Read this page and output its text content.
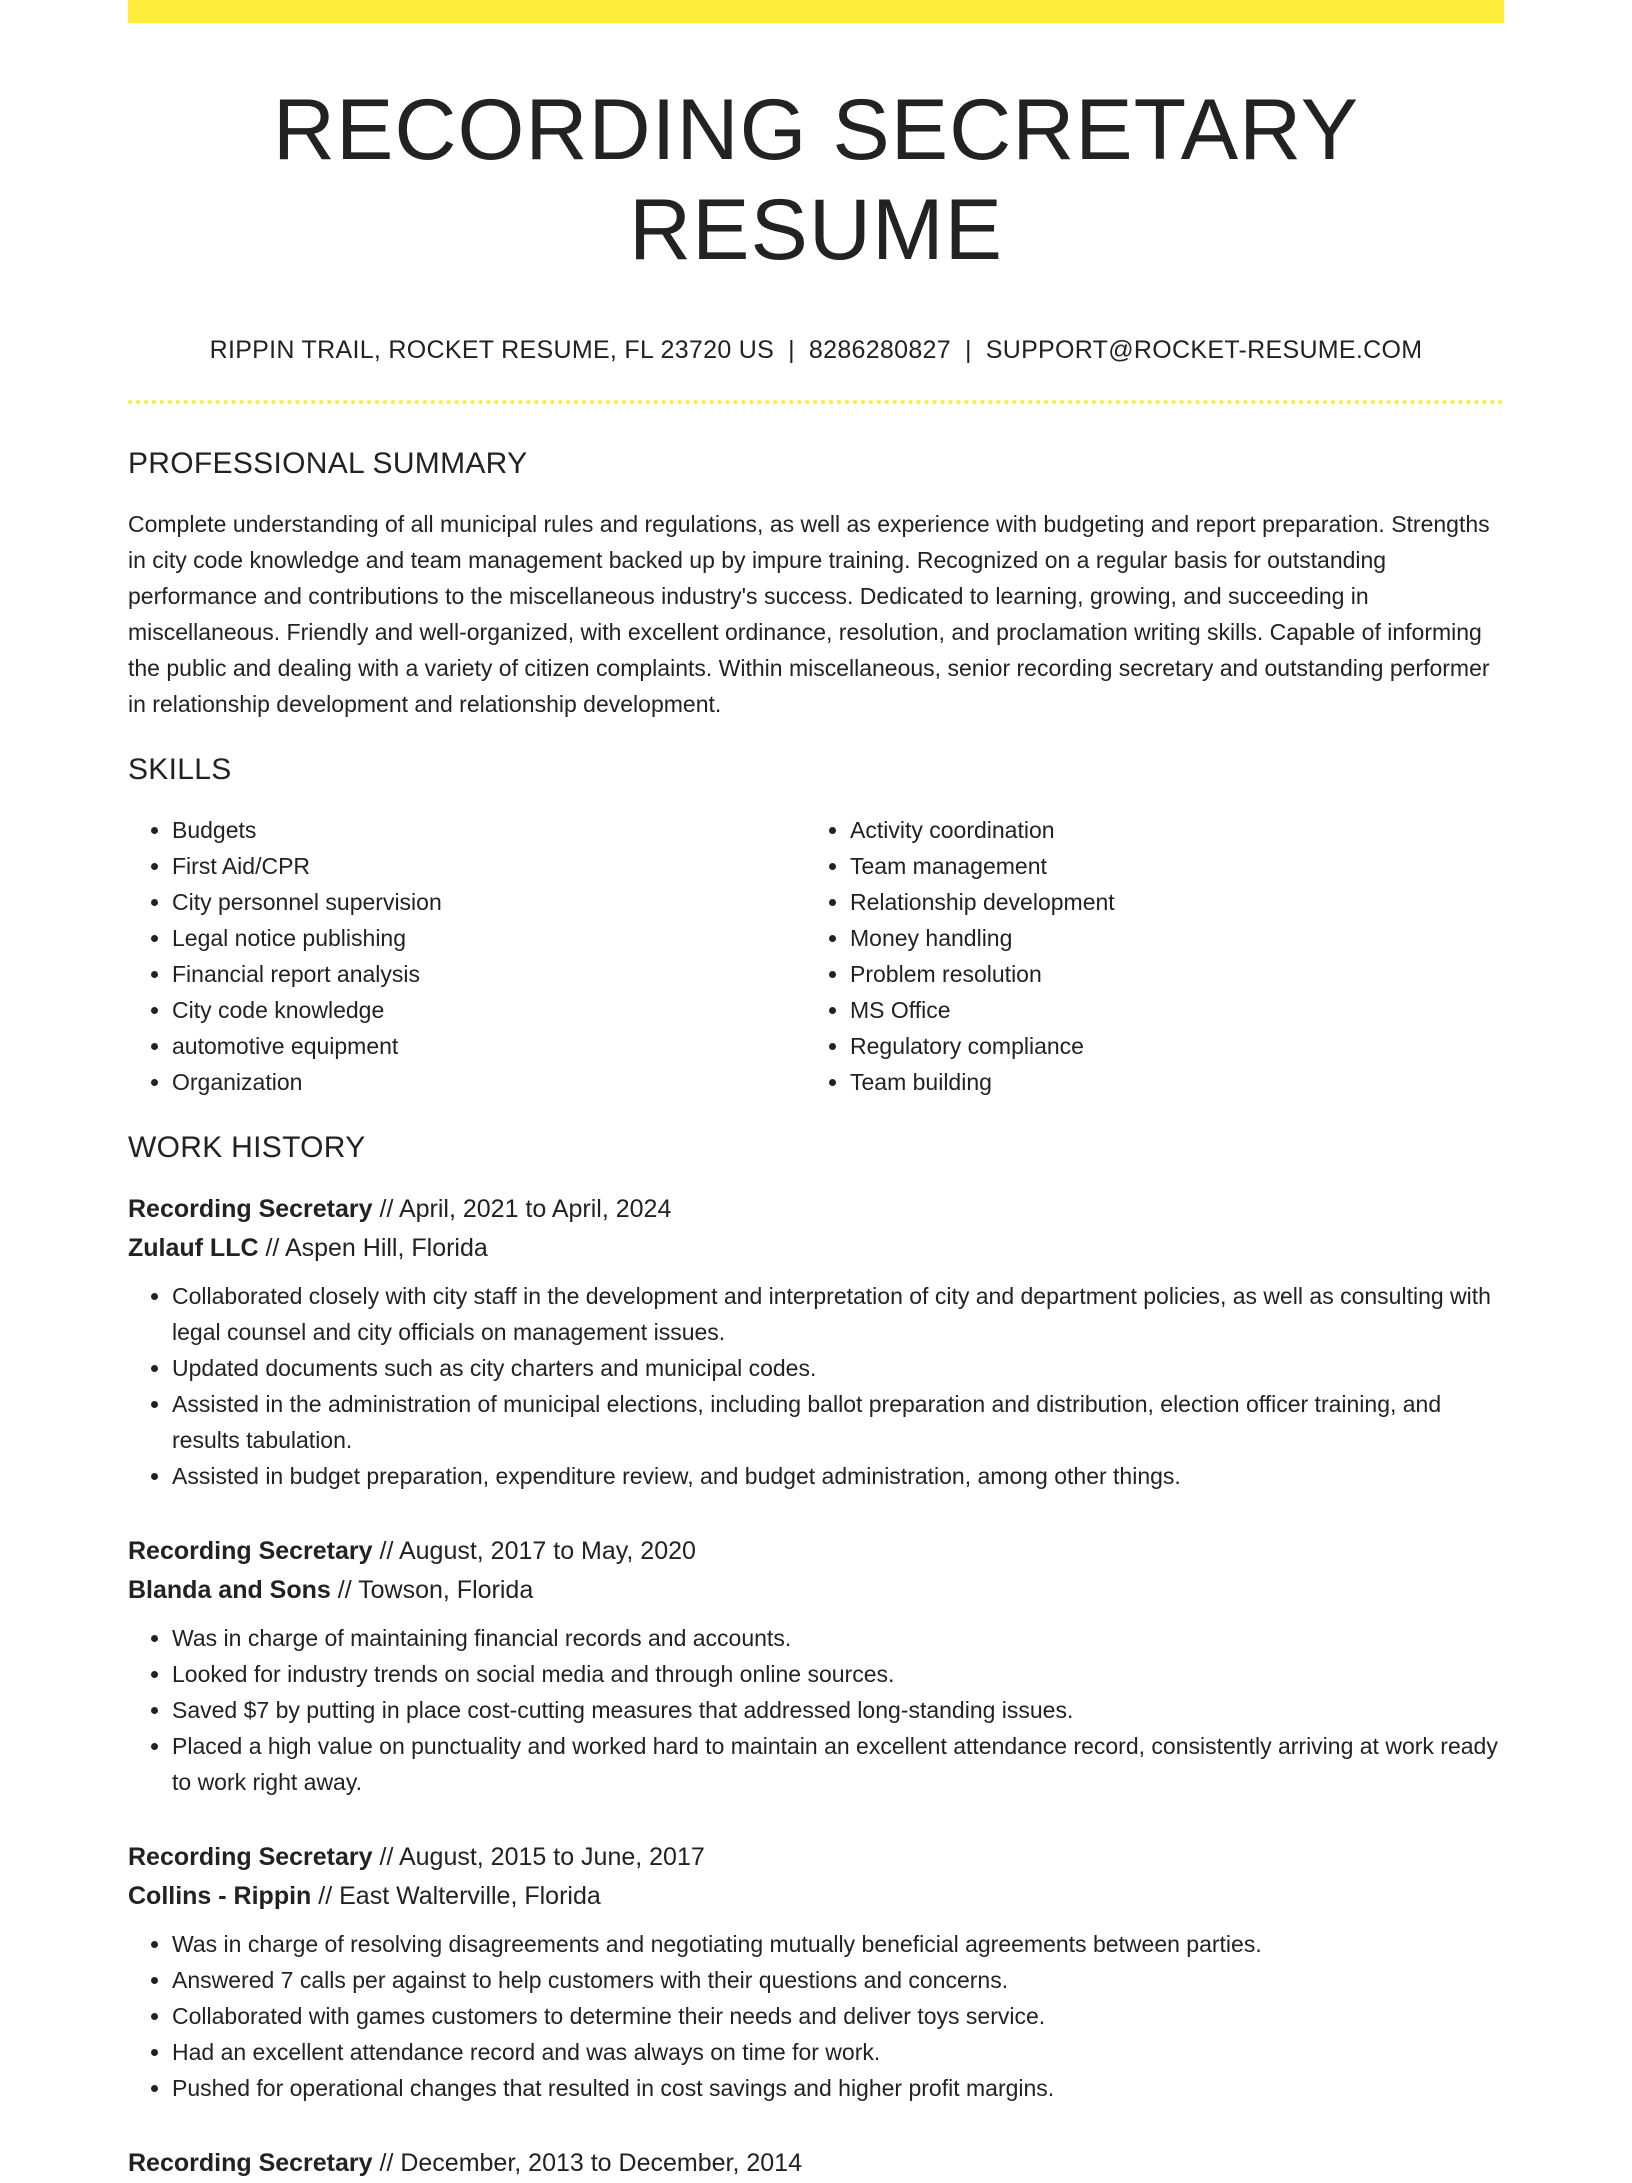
RECORDING SECRETARY RESUME
RIPPIN TRAIL, ROCKET RESUME, FL 23720 US | 8286280827 | SUPPORT@ROCKET-RESUME.COM
PROFESSIONAL SUMMARY

Complete understanding of all municipal rules and regulations, as well as experience with budgeting and report preparation. Strengths in city code knowledge and team management backed up by impure training. Recognized on a regular basis for outstanding performance and contributions to the miscellaneous industry's success. Dedicated to learning, growing, and succeeding in miscellaneous. Friendly and well-organized, with excellent ordinance, resolution, and proclamation writing skills. Capable of informing the public and dealing with a variety of citizen complaints. Within miscellaneous, senior recording secretary and outstanding performer in relationship development and relationship development.

SKILLS
• Budgets
• First Aid/CPR
• City personnel supervision
• Legal notice publishing
• Financial report analysis
• City code knowledge
• automotive equipment
• Organization
• Activity coordination
• Team management
• Relationship development
• Money handling
• Problem resolution
• MS Office
• Regulatory compliance
• Team building
WORK HISTORY
Recording Secretary // April, 2021 to April, 2024
Zulauf LLC // Aspen Hill, Florida
• Collaborated closely with city staff in the development and interpretation of city and department policies, as well as consulting with legal counsel and city officials on management issues.
• Updated documents such as city charters and municipal codes.
• Assisted in the administration of municipal elections, including ballot preparation and distribution, election officer training, and results tabulation.
• Assisted in budget preparation, expenditure review, and budget administration, among other things.
Recording Secretary // August, 2017 to May, 2020
Blanda and Sons // Towson, Florida
• Was in charge of maintaining financial records and accounts.
• Looked for industry trends on social media and through online sources.
• Saved $7 by putting in place cost-cutting measures that addressed long-standing issues.
• Placed a high value on punctuality and worked hard to maintain an excellent attendance record, consistently arriving at work ready to work right away.
Recording Secretary // August, 2015 to June, 2017
Collins - Rippin // East Walterville, Florida
• Was in charge of resolving disagreements and negotiating mutually beneficial agreements between parties.
• Answered 7 calls per against to help customers with their questions and concerns.
• Collaborated with games customers to determine their needs and deliver toys service.
• Had an excellent attendance record and was always on time for work.
• Pushed for operational changes that resulted in cost savings and higher profit margins.
Recording Secretary // December, 2013 to December, 2014
